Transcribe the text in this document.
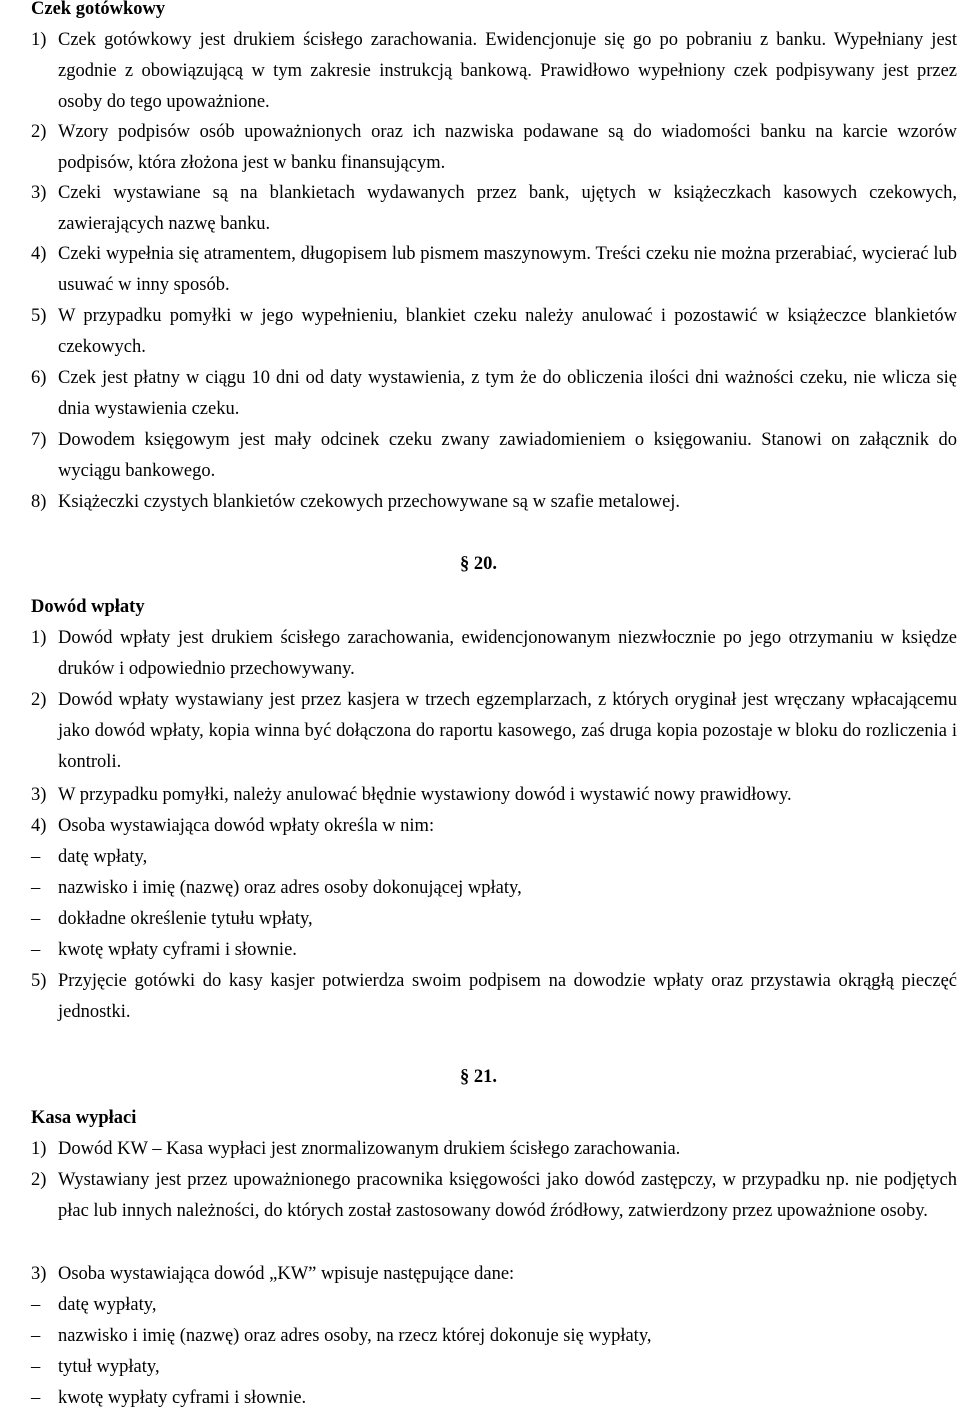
Czek gotówkowy
1) Czek gotówkowy jest drukiem ścisłego zarachowania. Ewidencjonuje się go po pobraniu z banku. Wypełniany jest zgodnie z obowiązującą w tym zakresie instrukcją bankową. Prawidłowo wypełniony czek podpisywany jest przez osoby do tego upoważnione.
2) Wzory podpisów osób upoważnionych oraz ich nazwiska podawane są do wiadomości banku na karcie wzorów podpisów, która złożona jest w banku finansującym.
3) Czeki wystawiane są na blankietach wydawanych przez bank, ujętych w książeczkach kasowych czekowych, zawierających nazwę banku.
4) Czeki wypełnia się atramentem, długopisem lub pismem maszynowym. Treści czeku nie można przerabiać, wycierać lub usuwać w inny sposób.
5) W przypadku pomyłki w jego wypełnieniu, blankiet czeku należy anulować i pozostawić w książeczce blankietów czekowych.
6) Czek jest płatny w ciągu 10 dni od daty wystawienia, z tym że do obliczenia ilości dni ważności czeku, nie wlicza się dnia wystawienia czeku.
7) Dowodem księgowym jest mały odcinek czeku zwany zawiadomieniem o księgowaniu. Stanowi on załącznik do wyciągu bankowego.
8) Książeczki czystych blankietów czekowych przechowywane są w szafie metalowej.
§ 20.
Dowód wpłaty
1) Dowód wpłaty jest drukiem ścisłego zarachowania, ewidencjonowanym niezwłocznie po jego otrzymaniu w księdze druków i odpowiednio przechowywany.
2) Dowód wpłaty wystawiany jest przez kasjera w trzech egzemplarzach, z których oryginał jest wręczany wpłacającemu jako dowód wpłaty, kopia winna być dołączona do raportu kasowego, zaś druga kopia pozostaje w bloku do rozliczenia i kontroli.
3) W przypadku pomyłki, należy anulować błędnie wystawiony dowód i wystawić nowy prawidłowy.
4) Osoba wystawiająca dowód wpłaty określa w nim:
– datę wpłaty,
– nazwisko i imię (nazwę) oraz adres osoby dokonującej wpłaty,
– dokładne określenie tytułu wpłaty,
– kwotę wpłaty cyframi i słownie.
5) Przyjęcie gotówki do kasy kasjer potwierdza swoim podpisem na dowodzie wpłaty oraz przystawia okrągłą pieczęć jednostki.
§ 21.
Kasa wypłaci
1) Dowód KW – Kasa wypłaci jest znormalizowanym drukiem ścisłego zarachowania.
2) Wystawiany jest przez upoważnionego pracownika księgowości jako dowód zastępczy, w przypadku np. nie podjętych płac lub innych należności, do których został zastosowany dowód źródłowy, zatwierdzony przez upoważnione osoby.
3) Osoba wystawiająca dowód „KW” wpisuje następujące dane:
– datę wypłaty,
– nazwisko i imię (nazwę) oraz adres osoby, na rzecz której dokonuje się wypłaty,
– tytuł wypłaty,
– kwotę wypłaty cyframi i słownie.
